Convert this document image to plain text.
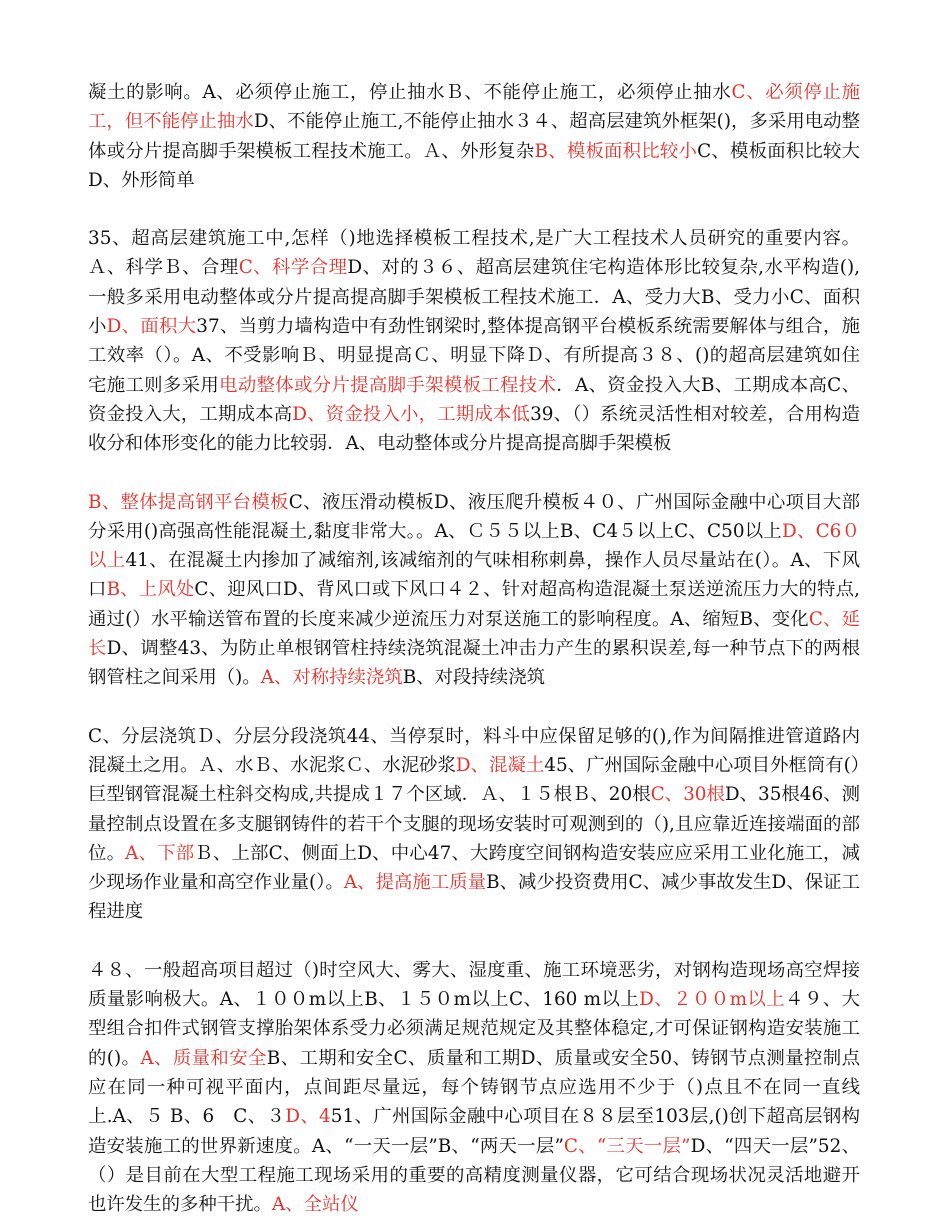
凝土的影响。A、必须停止施工，停止抽水Ｂ、不能停止施工，必须停止抽水C、必须停止施工，但不能停止抽水D、不能停止施工,不能停止抽水３４、超高层建筑外框架()，多采用电动整体或分片提高脚手架模板工程技术施工。Ａ、外形复杂B、模板面积比较小C、模板面积比较大D、外形简单

35、超高层建筑施工中,怎样（)地选择模板工程技术,是广大工程技术人员研究的重要内容。Ａ、科学Ｂ、合理C、科学合理D、对的３６、超高层建筑住宅构造体形比较复杂,水平构造(),一般多采用电动整体或分片提高提高脚手架模板工程技术施工．A、受力大B、受力小C、面积小D、面积大37、当剪力墙构造中有劲性钢梁时,整体提高钢平台模板系统需要解体与组合，施工效率（）。A、不受影响Ｂ、明显提高Ｃ、明显下降Ｄ、有所提高３８、()的超高层建筑如住宅施工则多采用电动整体或分片提高脚手架模板工程技术．A、资金投入大B、工期成本高C、资金投入大，工期成本高D、资金投入小，工期成本低39、（）系统灵活性相对较差，合用构造收分和体形变化的能力比较弱．A、电动整体或分片提高提高脚手架模板

B、整体提高钢平台模板C、液压滑动模板D、液压爬升模板４０、广州国际金融中心项目大部分采用()高强高性能混凝土,黏度非常大。。A、Ｃ５５以上B、C4５以上C、C50以上D、C6０以上41、在混凝土内掺加了减缩剂,该减缩剂的气味相称刺鼻，操作人员尽量站在(）。A、下风口B、上风处C、迎风口D、背风口或下风口４２、针对超高构造混凝土泵送逆流压力大的特点,通过(）水平输送管布置的长度来减少逆流压力对泵送施工的影响程度。A、缩短B、变化C、延长D、调整43、为防止单根钢管柱持续浇筑混凝土冲击力产生的累积误差,每一种节点下的两根钢管柱之间采用（)。A、对称持续浇筑B、对段持续浇筑

C、分层浇筑Ｄ、分层分段浇筑44、当停泵时，料斗中应保留足够的(),作为间隔推进管道路内混凝土之用。Ａ、水Ｂ、水泥浆Ｃ、水泥砂浆D、混凝土45、广州国际金融中心项目外框筒有(）巨型钢管混凝土柱斜交构成,共提成１７个区域．Ａ、１５根Ｂ、20根C、30根D、35根46、测量控制点设置在多支腿钢铸件的若干个支腿的现场安装时可观测到的（),且应靠近连接端面的部位。A、下部Ｂ、上部C、侧面上D、中心47、大跨度空间钢构造安装应应采用工业化施工，减少现场作业量和高空作业量(）。A、提高施工质量B、减少投资费用C、减少事故发生D、保证工程进度

４８、一般超高项目超过（)时空风大、雾大、湿度重、施工环境恶劣，对钢构造现场高空焊接质量影响极大。A、１００m以上B、１５０m以上C、160 m以上D、２００m以上４９、大型组合扣件式钢管支撑胎架体系受力必须满足规范规定及其整体稳定,才可保证钢构造安装施工的()。A、质量和安全B、工期和安全C、质量和工期D、质量或安全50、铸钢节点测量控制点应在同一种可视平面内，点间距尽量远，每个铸钢节点应选用不少于（)点且不在同一直线上.A、５ B、6　C、３D、451、广州国际金融中心项目在８８层至103层,()创下超高层钢构造安装施工的世界新速度。A、“一天一层”B、“两天一层”C、“三天一层”D、“四天一层”52、（）是目前在大型工程施工现场采用的重要的高精度测量仪器，它可结合现场状况灵活地避开也许发生的多种干扰。A、全站仪
